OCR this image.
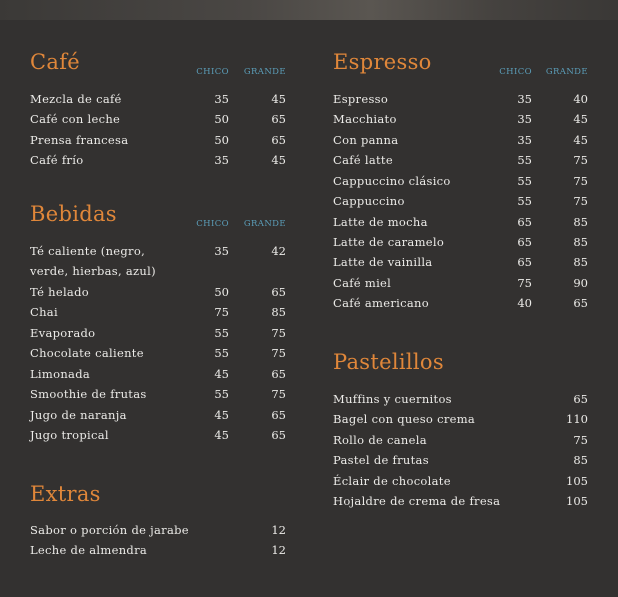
Café	CHICO GRANDE
Mezcla de café	35	45
Café con leche	50	65
Prensa francesa	50	65
Café frío	35	45
Bebidas	CHICO GRANDE
Té caliente (negro, verde, hierbas, azul)
35	42
Té helado	50	65
Chai	75	85
Evaporado	55	75
Chocolate caliente	55	75
Limonada	45	65
Smoothie de frutas	55	75
Jugo de naranja	45	65
Jugo tropical	45	65
Extras
Sabor o porción de jarabe	12
Leche de almendra	12
Espresso	CHICO GRANDE
Espresso	35	40
Macchiato	35	45
Con panna	35	45
Café latte	55	75
Cappuccino clásico	55	75
Cappuccino	55	75
Latte de mocha	65	85
Latte de caramelo	65	85
Latte de vainilla	65	85
Café miel	75	90
Café americano	40	65
Pastelillos
Muffins y cuernitos	65
Bagel con queso crema	110
Rollo de canela	75
Pastel de frutas	85
Éclair de chocolate	105
Hojaldre de crema de fresa	105
